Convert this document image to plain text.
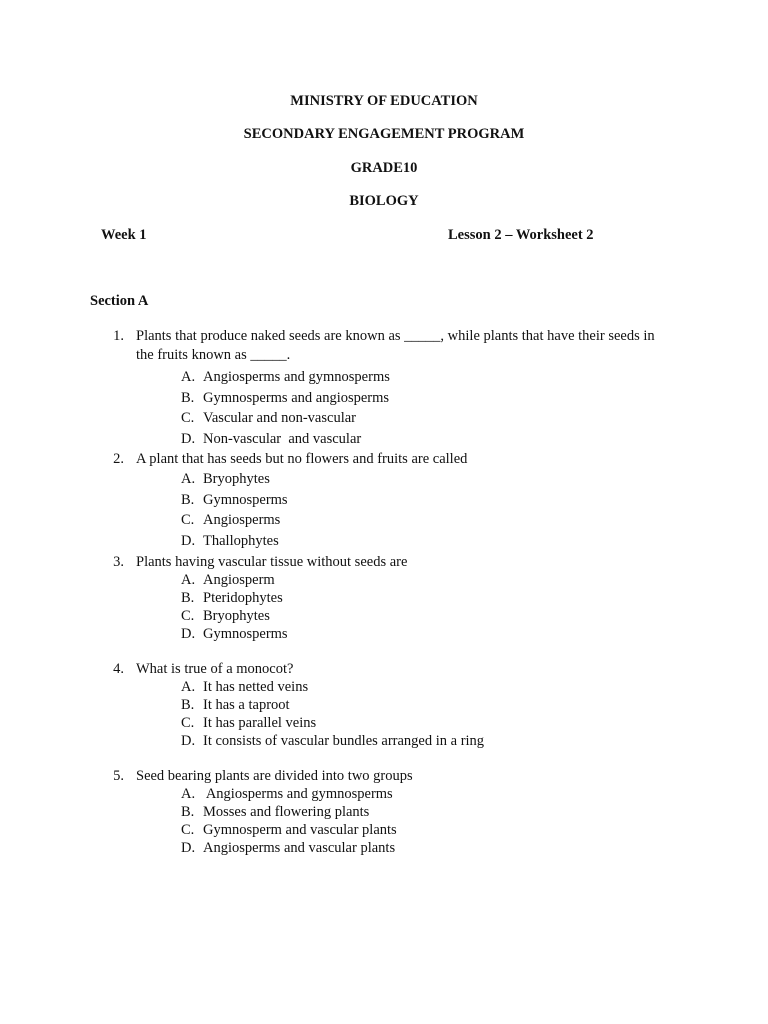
MINISTRY OF EDUCATION
SECONDARY ENGAGEMENT PROGRAM
GRADE10
BIOLOGY
Week 1	Lesson 2 – Worksheet 2
Section A
1. Plants that produce naked seeds are known as _____, while plants that have their seeds in
the fruits known as _____.
A. Angiosperms and gymnosperms
B. Gymnosperms and angiosperms
C. Vascular and non-vascular
D. Non-vascular  and vascular
2. A plant that has seeds but no flowers and fruits are called
A. Bryophytes
B. Gymnosperms
C. Angiosperms
D. Thallophytes
3. Plants having vascular tissue without seeds are
A. Angiosperm
B. Pteridophytes
C. Bryophytes
D. Gymnosperms
4. What is true of a monocot?
A. It has netted veins
B. It has a taproot
C. It has parallel veins
D. It consists of vascular bundles arranged in a ring
5. Seed bearing plants are divided into two groups
A. Angiosperms and gymnosperms
B. Mosses and flowering plants
C. Gymnosperm and vascular plants
D. Angiosperms and vascular plants
